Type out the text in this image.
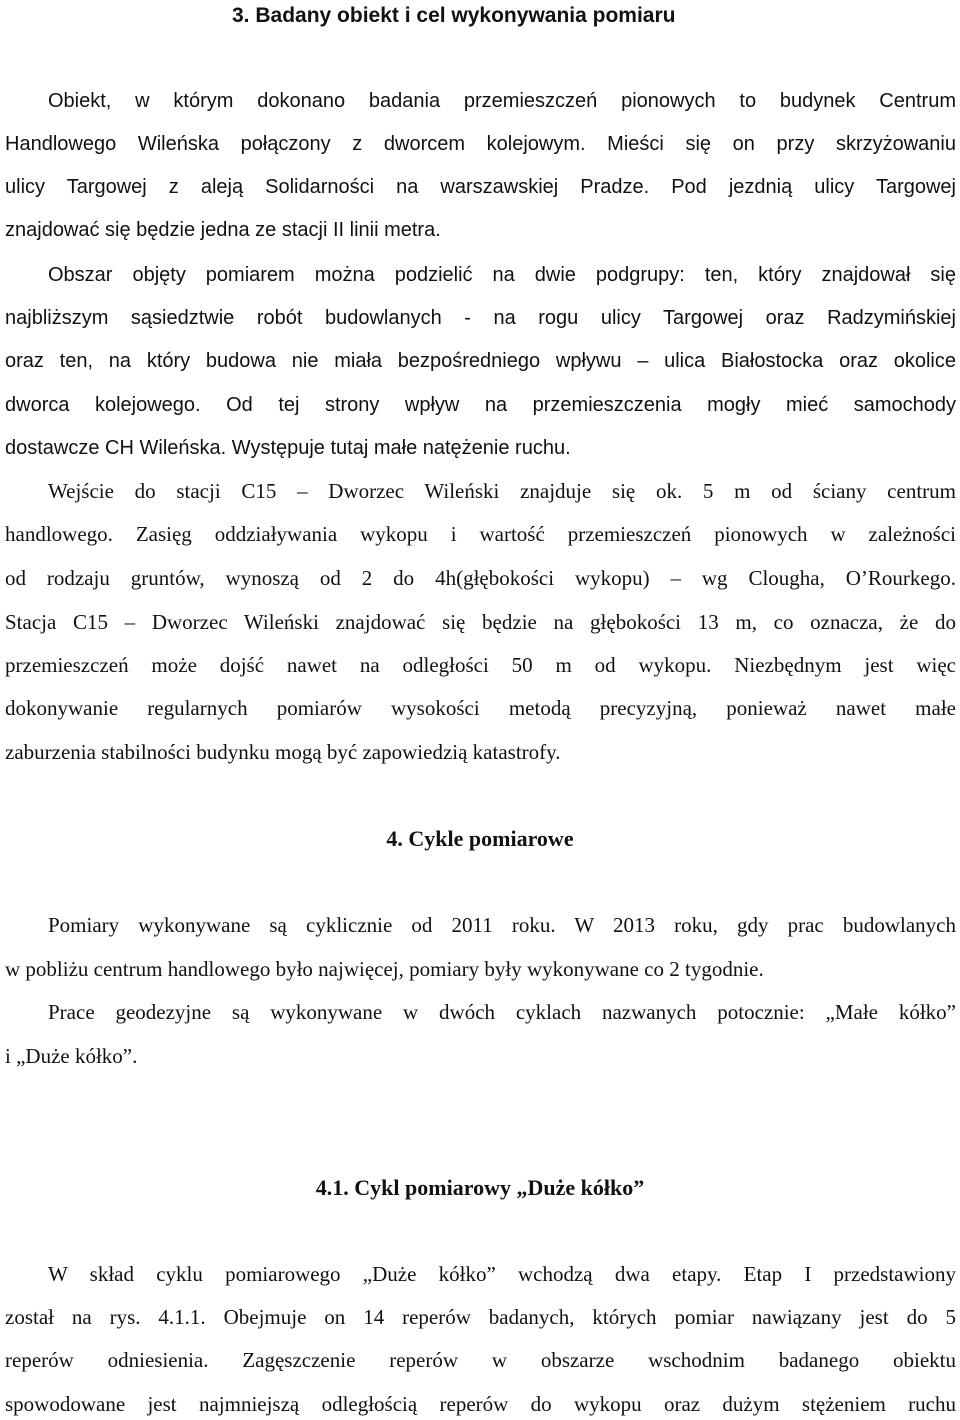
3. Badany obiekt i cel wykonywania pomiaru
Obiekt, w którym dokonano badania przemieszczeń pionowych to budynek Centrum
Handlowego Wileńska połączony z dworcem kolejowym. Mieści się on przy skrzyżowaniu
ulicy Targowej z aleją Solidarności na warszawskiej Pradze. Pod jezdnią ulicy Targowej
znajdować się będzie jedna ze stacji II linii metra.
Obszar objęty pomiarem można podzielić na dwie podgrupy: ten, który znajdował się
najbliższym sąsiedztwie robót budowlanych - na rogu ulicy Targowej oraz Radzymińskiej
oraz ten, na który budowa nie miała bezpośredniego wpływu – ulica Białostocka oraz okolice
dworca kolejowego. Od tej strony wpływ na przemieszczenia mogły mieć samochody
dostawcze CH Wileńska. Występuje tutaj małe natężenie ruchu.
Wejście do stacji C15 – Dworzec Wileński znajduje się ok. 5 m od ściany centrum
handlowego. Zasięg oddziaływania wykopu i wartość przemieszczeń pionowych w zależności
od rodzaju gruntów, wynoszą od 2 do 4h(głębokości wykopu) – wg Clougha, O’Rourkego.
Stacja C15 – Dworzec Wileński znajdować się będzie na głębokości 13 m, co oznacza, że do
przemieszczeń może dojść nawet na odległości 50 m od wykopu. Niezbędnym jest więc
dokonywanie regularnych pomiarów wysokości metodą precyzyjną, ponieważ nawet małe
zaburzenia stabilności budynku mogą być zapowiedzią katastrofy.
4. Cykle pomiarowe
Pomiary wykonywane są cyklicznie od 2011 roku. W 2013 roku, gdy prac budowlanych
w pobliżu centrum handlowego było najwięcej, pomiary były wykonywane co 2 tygodnie.
Prace geodezyjne są wykonywane w dwóch cyklach nazwanych potocznie: „Małe kółko”
i „Duże kółko”.
4.1. Cykl pomiarowy „Duże kółko”
W skład cyklu pomiarowego „Duże kółko” wchodzą dwa etapy. Etap I przedstawiony
został na rys. 4.1.1. Obejmuje on 14 reperów badanych, których pomiar nawiązany jest do 5
reperów odniesienia. Zagęszczenie reperów w obszarze wschodnim badanego obiektu
spowodowane jest najmniejszą odległością reperów do wykopu oraz dużym stężeniem ruchu
